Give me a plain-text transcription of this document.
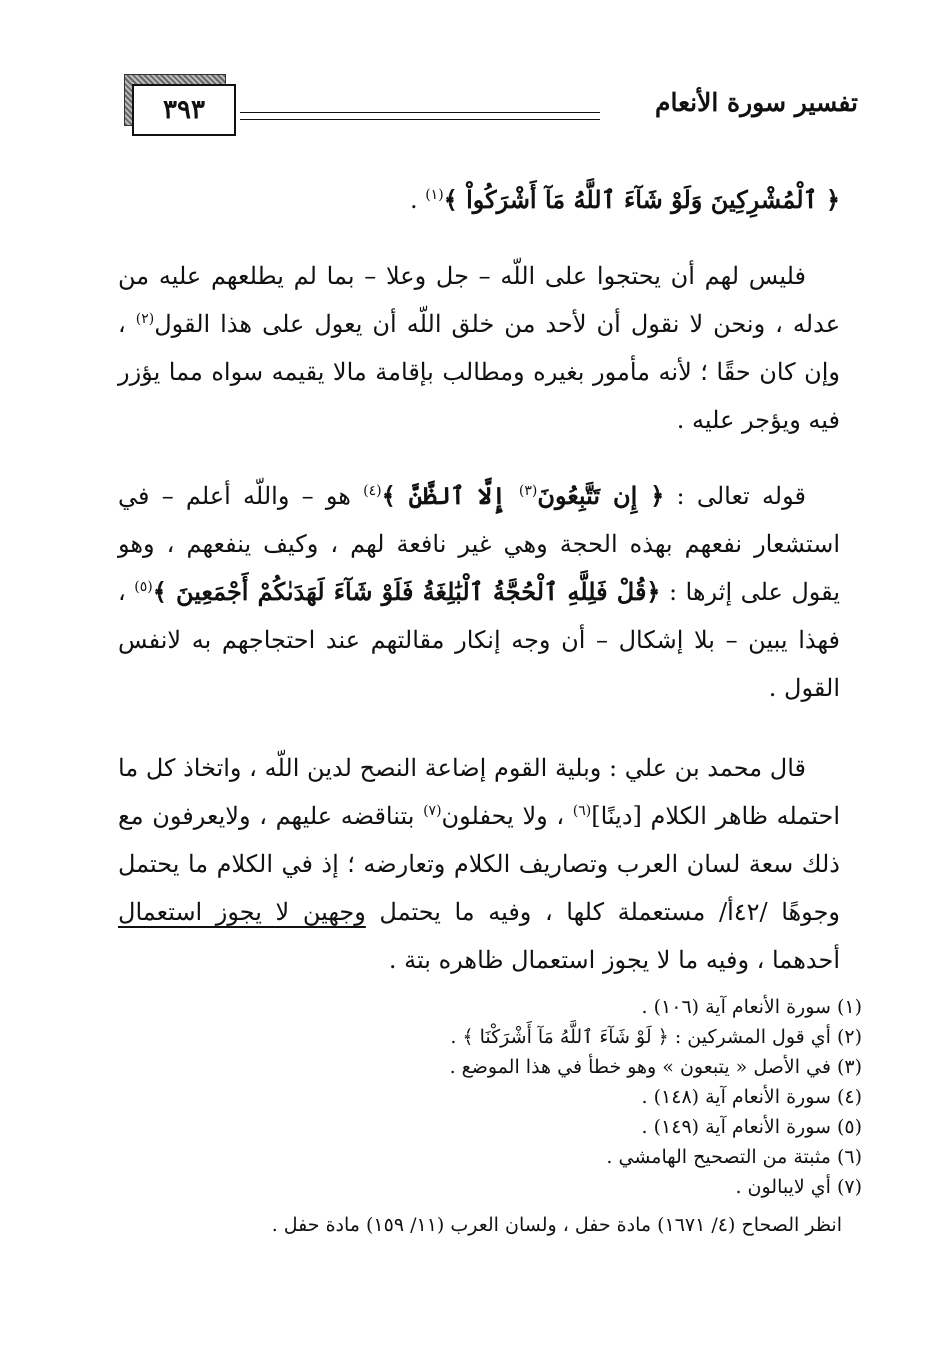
تفسير سورة الأنعام
٣٩٣

﴿ ٱلْمُشْرِكِينَ وَلَوْ شَآءَ ٱللَّهُ مَآ أَشْرَكُواْ ﴾$^{(١)}$ .

فليس لهم أن يحتجوا على اللّه – جل وعلا – بما لم يطلعهم عليه من عدله ، ونحن لا نقول أن لأحد من خلق اللّه أن يعول على هذا القول$^{(٢)}$ ، وإن كان حقًا ؛ لأنه مأمور بغيره ومطالب بإقامة مالا يقيمه سواه مما يؤزر فيه ويؤجر عليه .

قوله تعالى : ﴿ إِن تَتَّبِعُونَ$^{(٣)}$ إِلَّا ٱلظَّنَّ ﴾$^{(٤)}$ هو – واللّه أعلم – في استشعار نفعهم بهذه الحجة وهي غير نافعة لهم ، وكيف ينفعهم ، وهو يقول على إثرها : ﴿قُلْ فَلِلَّهِ ٱلْحُجَّةُ ٱلْبَٰلِغَةُ فَلَوْ شَآءَ لَهَدَىٰكُمْ أَجْمَعِينَ ﴾$^{(٥)}$ ، فهذا يبين – بلا إشكال – أن وجه إنكار مقالتهم عند احتجاجهم به لانفس القول .

قال محمد بن علي : وبلية القوم إضاعة النصح لدين اللّه ، واتخاذ كل ما احتمله ظاهر الكلام [دينًا]$^{(٦)}$ ، ولا يحفلون$^{(٧)}$ بتناقضه عليهم ، ولايعرفون مع ذلك سعة لسان العرب وتصاريف الكلام وتعارضه ؛ إذ في الكلام ما يحتمل وجوهًا /٤٢أ/ مستعملة كلها ، وفيه ما يحتمل وجهين لا يجوز استعمال أحدهما ، وفيه ما لا يجوز استعمال ظاهره بتة .

(١)سورة الأنعام آية (١٠٦) .

(٢)أي قول المشركين : ﴿ لَوْ شَآءَ ٱللَّهُ مَآ أَشْرَكْنَا ﴾ .

(٣)في الأصل « يتبعون » وهو خطأ في هذا الموضع .

(٤)سورة الأنعام آية (١٤٨) .

(٥)سورة الأنعام آية (١٤٩) .

(٦)مثبتة من التصحيح الهامشي .

(٧)أي لايبالون .

انظر الصحاح (٤/ ١٦٧١) مادة حفل ، ولسان العرب (١١/ ١٥٩) مادة حفل .
